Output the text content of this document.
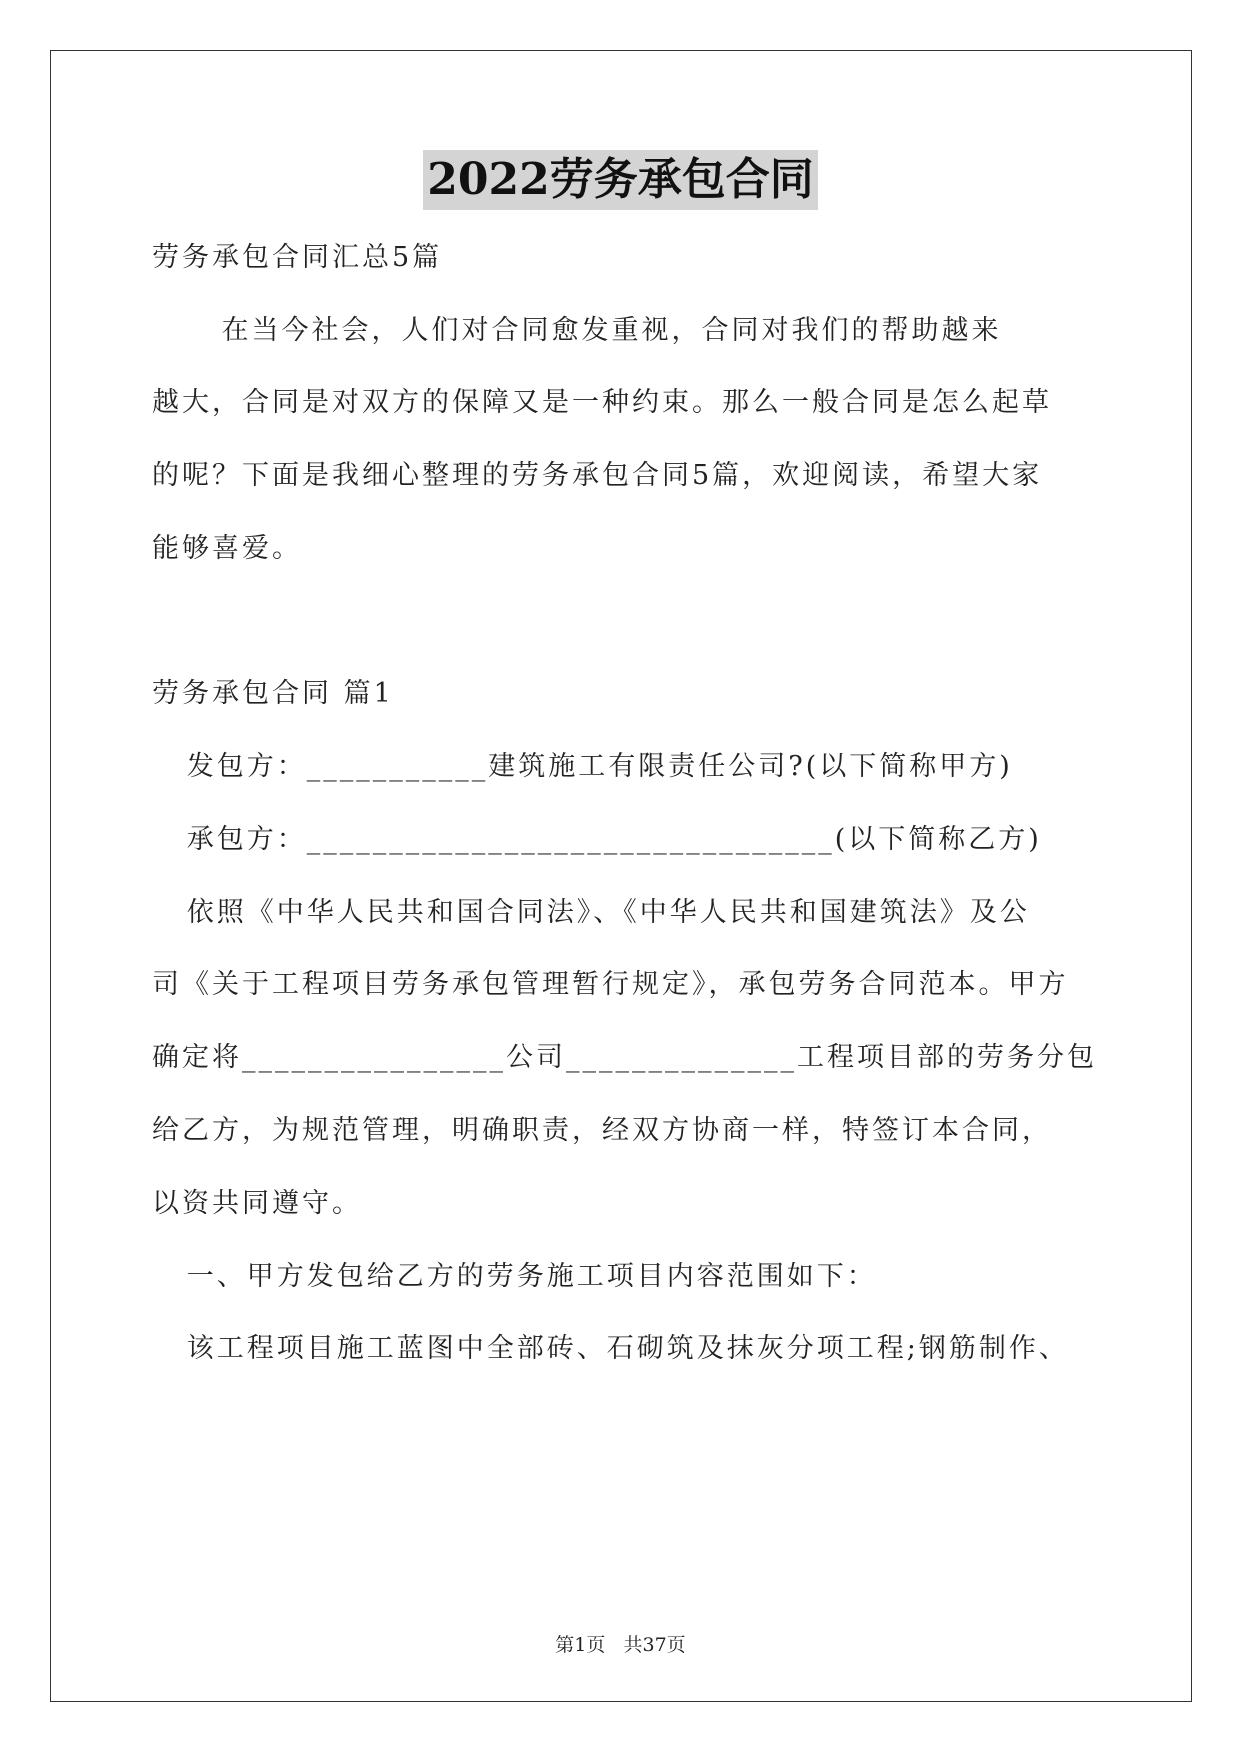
2022劳务承包合同
劳务承包合同汇总5篇
在当今社会，人们对合同愈发重视，合同对我们的帮助越来
越大，合同是对双方的保障又是一种约束。那么一般合同是怎么起草
的呢？下面是我细心整理的劳务承包合同5篇，欢迎阅读，希望大家
能够喜爱。
劳务承包合同 篇1
发包方：___________建筑施工有限责任公司?(以下简称甲方)
承包方：________________________________(以下简称乙方)
依照《中华人民共和国合同法》、《中华人民共和国建筑法》及公
司《关于工程项目劳务承包管理暂行规定》，承包劳务合同范本。甲方
确定将________________公司______________工程项目部的劳务分包
给乙方，为规范管理，明确职责，经双方协商一样，特签订本合同，
以资共同遵守。
一、甲方发包给乙方的劳务施工项目内容范围如下：
该工程项目施工蓝图中全部砖、石砌筑及抹灰分项工程;钢筋制作、
第1页   共37页
